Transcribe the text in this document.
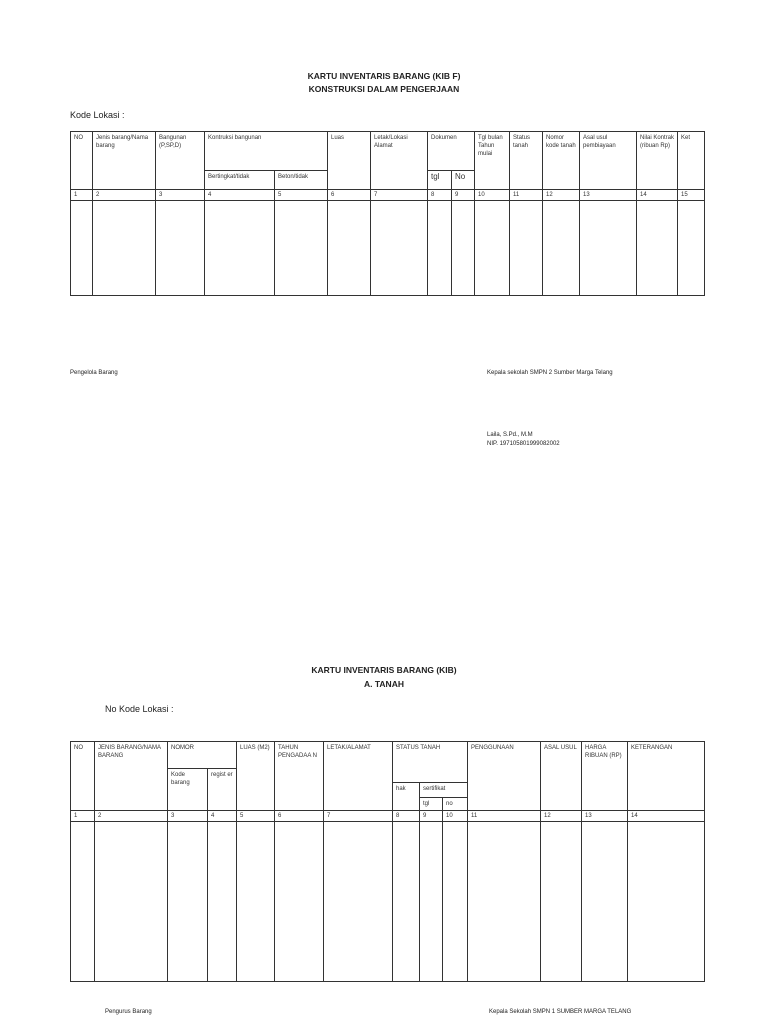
KARTU INVENTARIS BARANG (KIB F)
KONSTRUKSI DALAM PENGERJAAN
Kode Lokasi :
NO	Jenis barang/Nama barang	Bangunan (P,SP,D)	Kontruksi bangunan		Luas	Letak/Lokasi Alamat	Dokumen		Tgl bulan Tahun mulai	Status tanah	Nomor kode tanah	Asal usul pembiayaan	Nilai Kontrak (ribuan Rp)	Ket
			Bertingkat/tidak	Beton/tidak			tgl	No						
1	2	3	4	5	6	7	8	9	10	11	12	13	14	15

Pengelola Barang	Kepala sekolah SMPN 2 Sumber Marga Telang
Laila, S.Pd., M.M
NIP. 197105801999082002
KARTU INVENTARIS BARANG (KIB)
A. TANAH
No Kode Lokasi :
NO	JENIS BARANG/NAMA BARANG	NOMOR		LUAS (M2)	TAHUN PENGADAA N	LETAK/ALAMAT	STATUS TANAH			PENGGUNAAN	ASAL USUL	HARGA RIBUAN (RP)	KETERANGAN
		Kode barang	regist er										
							hak	sertifikat					
								tgl	no				
1	2	3	4	5	6	7	8	9	10	11	12	13	14

Pengurus Barang	Kepala Sekolah SMPN 1 SUMBER MARGA TELANG
